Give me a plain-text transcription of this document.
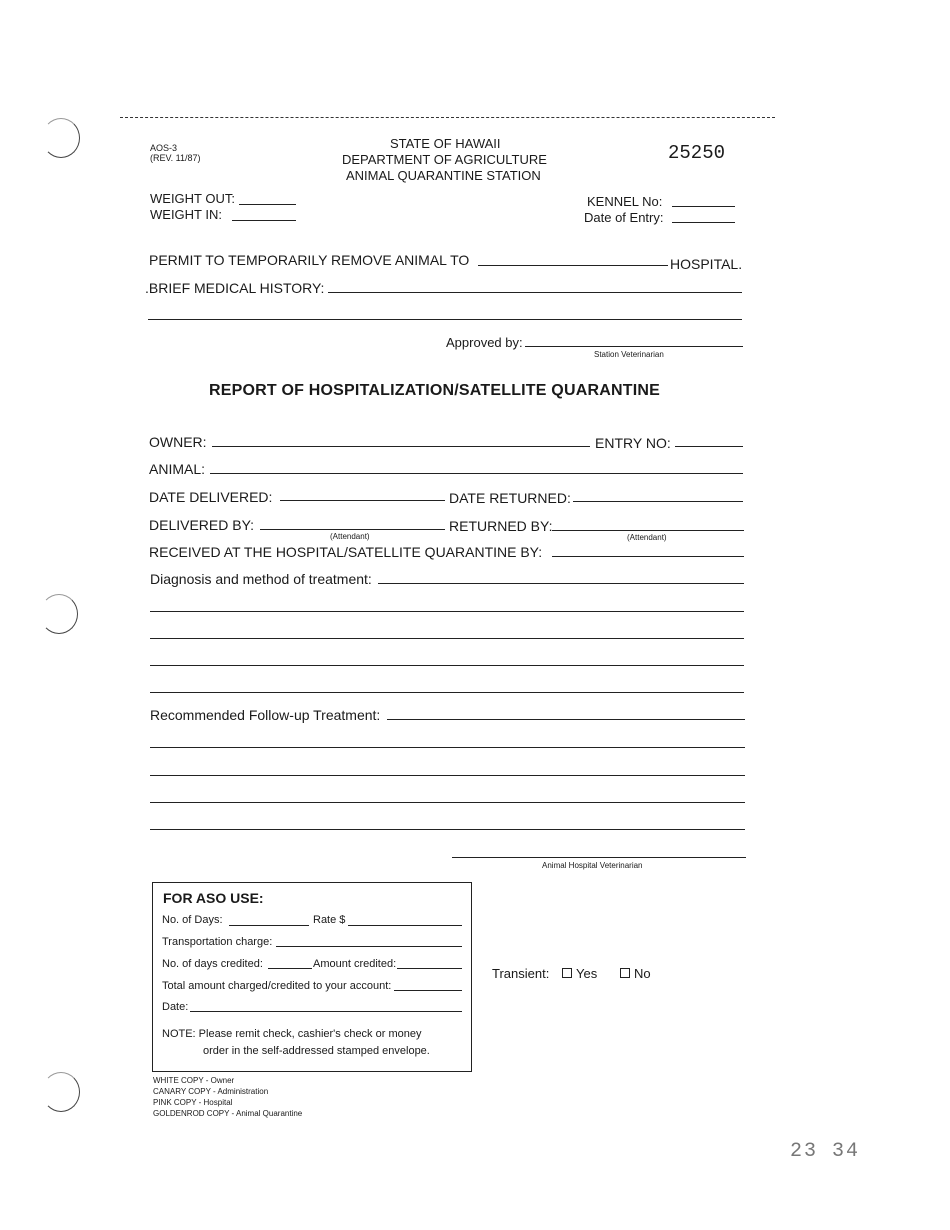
AOS-3
(REV. 11/87)
STATE OF HAWAII
DEPARTMENT OF AGRICULTURE
ANIMAL QUARANTINE STATION
25250
WEIGHT OUT:
WEIGHT IN:
KENNEL No:
Date of Entry:
PERMIT TO TEMPORARILY REMOVE ANIMAL TO	HOSPITAL.
.BRIEF MEDICAL HISTORY:
Approved by:
Station Veterinarian
REPORT OF HOSPITALIZATION/SATELLITE QUARANTINE
OWNER:	ENTRY NO:
ANIMAL:
DATE DELIVERED:	DATE RETURNED:
DELIVERED BY:
(Attendant)
RETURNED BY:
(Attendant)
RECEIVED AT THE HOSPITAL/SATELLITE QUARANTINE BY:
Diagnosis and method of treatment:
Recommended Follow-up Treatment:
Animal Hospital Veterinarian
FOR ASO USE:
No. of Days:	Rate $
Transportation charge:
No. of days credited:	Amount credited:
Total amount charged/credited to your account:
Date:
NOTE: Please remit check, cashier's check or money
order in the self-addressed stamped envelope.
Transient:	Yes	No
WHITE COPY - Owner
CANARY COPY - Administration
PINK COPY - Hospital
GOLDENROD COPY - Animal Quarantine
23 34
